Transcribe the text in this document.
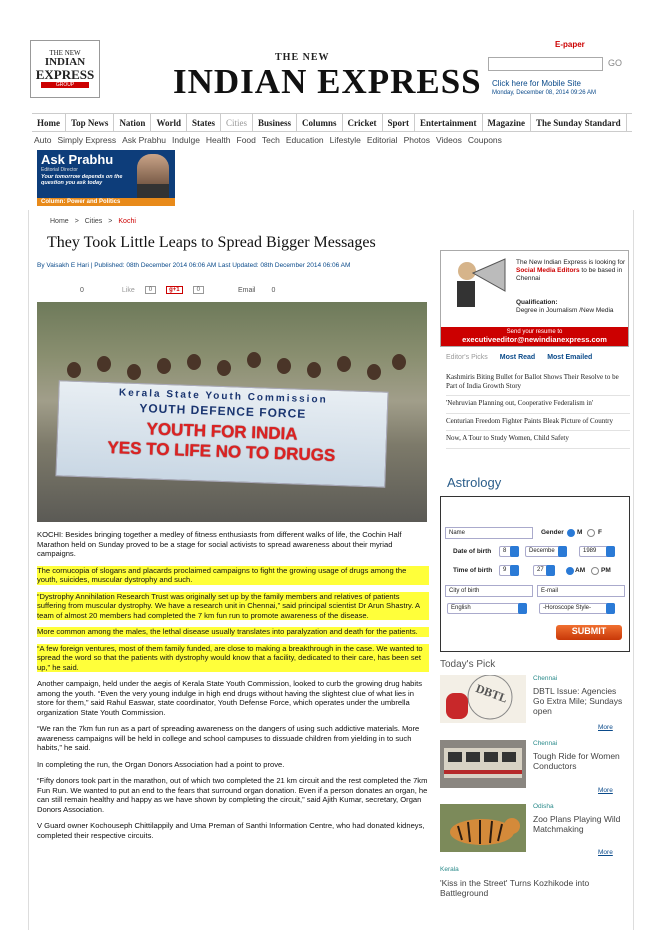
THE NEW
INDIAN
EXPRESS
GROUP
THE NEW
INDIAN EXPRESS
E-paper
GO
Click here for Mobile Site
Monday, December 08, 2014 09:26 AM
Home	Top News	Nation	World	States	Cities	Business	Columns	Cricket	Sport	Entertainment	Magazine	The Sunday Standard
Auto Simply Express Ask Prabhu Indulge Health Food Tech Education Lifestyle Editorial Photos Videos Coupons
Ask Prabhu
Editorial Director
Your tomorrow depends on the question you ask today
Column: Power and Politics
Home > Cities > Kochi
They Took Little Leaps to Spread Bigger Messages
By Vaisakh E Hari | Published: 08th December 2014 06:06 AM Last Updated: 08th December 2014 06:06 AM
0	Like	0	g+1	0	Email 0
Kerala State Youth Commission
YOUTH DEFENCE FORCE
YOUTH FOR INDIA
YES TO LIFE NO TO DRUGS

KOCHI: Besides bringing together a medley of fitness enthusiasts from different walks of life, the Cochin Half Marathon held on Sunday proved to be a stage for social activists to spread awareness about their myriad campaigns.

The cornucopia of slogans and placards proclaimed campaigns to fight the growing usage of drugs among the youth, suicides, muscular dystrophy and such.

“Dystrophy Annihilation Research Trust was originally set up by the family members and relatives of patients suffering from muscular dystrophy. We have a research unit in Chennai,” said principal scientist Dr Arun Shastry. A team of almost 20 members had completed the 7 km fun run to promote awareness of the disease.

More common among the males, the lethal disease usually translates into paralyzation and death for the patients.

“A few foreign ventures, most of them family funded, are close to making a breakthrough in the case. We wanted to spread the word so that the patients with dystrophy would know that a facility, dedicated to their care, has been set up,” he said.

Another campaign, held under the aegis of Kerala State Youth Commission, looked to curb the growing drug habits among the youth. “Even the very young indulge in high end drugs without having the slightest clue of what lies in store for them,” said Rahul Easwar, state coordinator, Youth Defense Force, which operates under the umbrella organization State Youth Commission.

“We ran the 7km fun run as a part of spreading awareness on the dangers of using such addictive materials. More awareness campaigns will be held in college and school campuses to dissuade children from yielding in to such habits,” he said.

In completing the run, the Organ Donors Association had a point to prove.

“Fifty donors took part in the marathon, out of which two completed the 21 km circuit and the rest completed the 7km Fun Run. We wanted to put an end to the fears that surround organ donation. Even if a person donates an organ, he can still remain healthy and happy as we have shown by completing the circuit,” said Ajith Kumar, secretary, Organ Donors Association.

V Guard owner Kochouseph Chittilappily and Uma Preman of Santhi Information Centre, who had donated kidneys, completed their respective circuits.

The New Indian Express is looking for Social Media Editors to be based in Chennai
Qualification:
Degree in Journalism /New Media
Send your resume to
executiveeditor@newindianexpress.com
Editor's Picks Most Read Most Emailed
Kashmiris Biting Bullet for Ballot Shows Their Resolve to be Part of India Growth Story
'Nehruvian Planning out, Cooperative Federalism in'
Centurian Freedom Fighter Paints Bleak Picture of Country
Now, A Tour to Study Women, Child Safety
Astrology
Name	Gender M F
Date of birth	8	Decembe	1989
Time of birth	9	27	AM PM
City of birth	E-mail
English	-Horoscope Style-
SUBMIT
Today's Pick
DBTL
Chennai
DBTL Issue: Agencies Go Extra Mile; Sundays open
More
Chennai
Tough Ride for Women Conductors
More
Odisha
Zoo Plans Playing Wild Matchmaking
More
Kerala
'Kiss in the Street' Turns Kozhikode into Battleground
